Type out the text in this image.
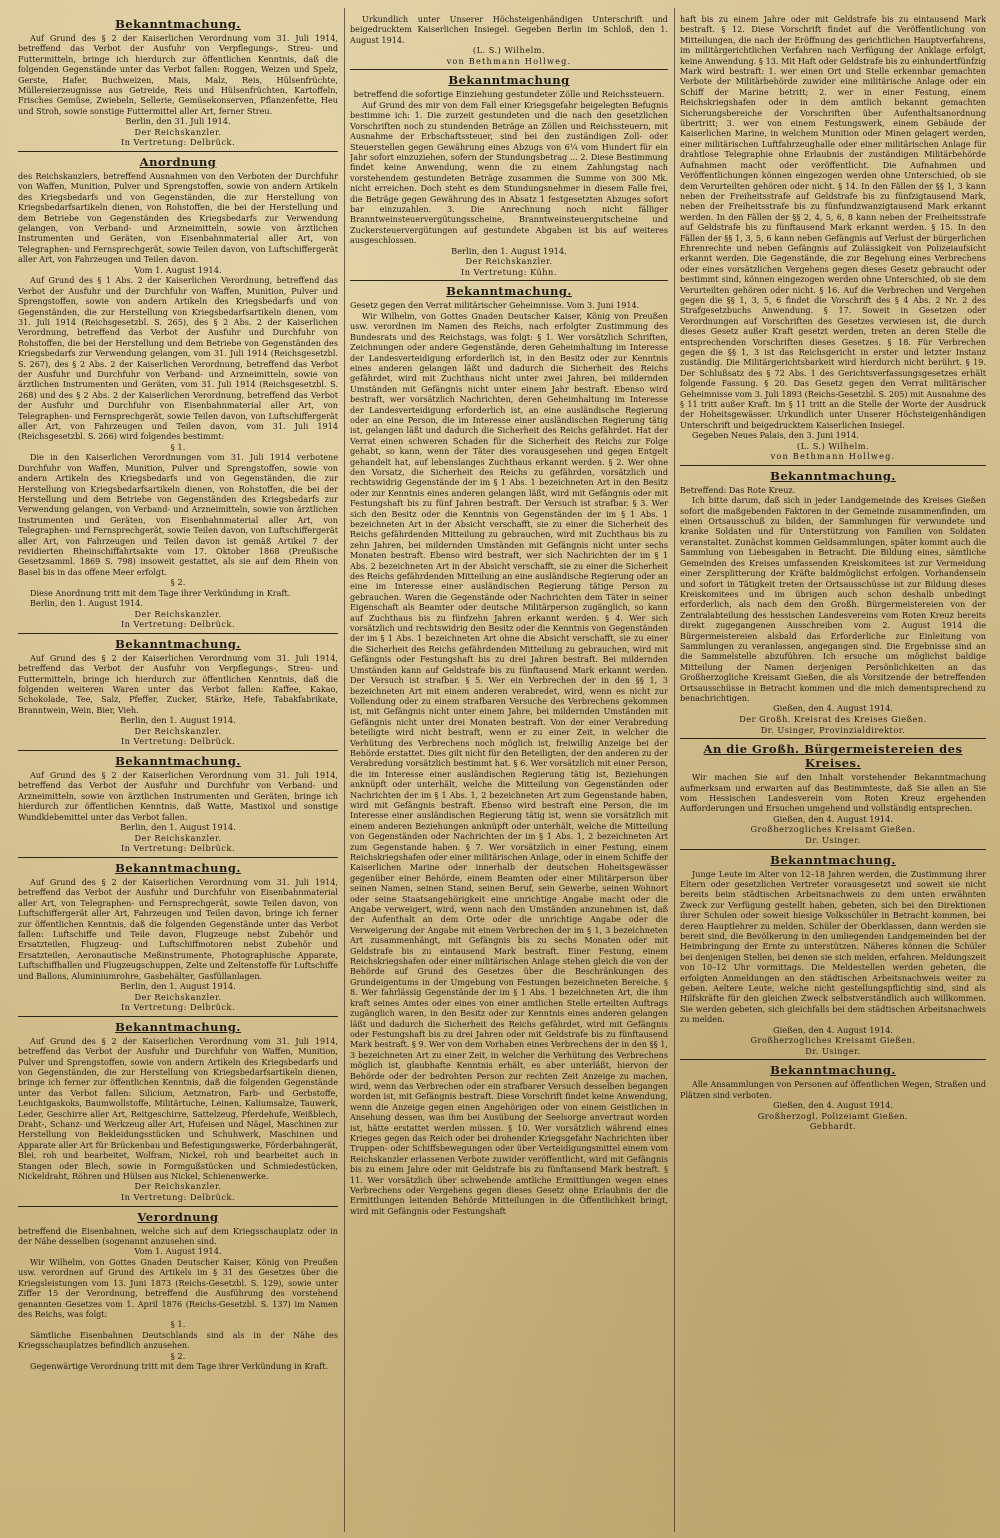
Bekanntmachung.

Auf Grund des § 2 der Kaiserlichen Verordnung vom 31. Juli 1914, betreffend das Verbot der Ausfuhr von Verpflegungs-, Streu- und Futtermitteln, bringe ich hierdurch zur öffentlichen Kenntnis, daß die folgenden Gegenstände unter das Verbot fallen: Roggen, Weizen und Spelz, Gerste, Hafer, Buchweizen, Mais, Malz, Reis, Hülsenfrüchte, Müllereierzeugnisse aus Getreide, Reis und Hülsenfrüchten, Kartoffeln, Frisches Gemüse, Zwiebeln, Sellerie, Gemüsekonserven, Pflanzenfette, Heu und Stroh, sowie sonstige Futtermittel aller Art, ferner Streu.

Berlin, den 31. Juli 1914.

Der Reichskanzler.

In Vertretung: Delbrück.

Anordnung

des Reichskanzlers, betreffend Ausnahmen von den Verboten der Durchfuhr von Waffen, Munition, Pulver und Sprengstoffen, sowie von andern Artikeln des Kriegsbedarfs und von Gegenständen, die zur Herstellung von Kriegsbedarfsartikeln dienen, von Rohstoffen, die bei der Herstellung und dem Betriebe von Gegenständen des Kriegsbedarfs zur Verwendung gelangen, von Verband- und Arzneimitteln, sowie von ärztlichen Instrumenten und Geräten, von Eisenbahnmaterial aller Art, von Telegraphen- und Fernsprechgerät, sowie Teilen davon, von Luftschiffergerät aller Art, von Fahrzeugen und Teilen davon.

Vom 1. August 1914.

Auf Grund des § 1 Abs. 2 der Kaiserlichen Verordnung, betreffend das Verbot der Ausfuhr und der Durchfuhr von Waffen, Munition, Pulver und Sprengstoffen, sowie von andern Artikeln des Kriegsbedarfs und von Gegenständen, die zur Herstellung von Kriegsbedarfsartikeln dienen, vom 31. Juli 1914 (Reichsgesetzbl. S. 265), des § 2 Abs. 2 der Kaiserlichen Verordnung, betreffend das Verbot der Ausfuhr und Durchfuhr von Rohstoffen, die bei der Herstellung und dem Betriebe von Gegenständen des Kriegsbedarfs zur Verwendung gelangen, vom 31. Juli 1914 (Reichsgesetzbl. S. 267), des § 2 Abs. 2 der Kaiserlichen Verordnung, betreffend das Verbot der Ausfuhr und Durchfuhr von Verband- und Arzneimitteln, sowie von ärztlichen Instrumenten und Geräten, vom 31. Juli 1914 (Reichsgesetzbl. S. 268) und des § 2 Abs. 2 der Kaiserlichen Verordnung, betreffend das Verbot der Ausfuhr und Durchfuhr von Eisenbahnmaterial aller Art, von Telegraphen- und Fernsprechgerät, sowie Teilen davon, von Luftschiffergerät aller Art, von Fahrzeugen und Teilen davon, vom 31. Juli 1914 (Reichsgesetzbl. S. 266) wird folgendes bestimmt:

§ 1.

Die in den Kaiserlichen Verordnungen vom 31. Juli 1914 verbotene Durchfuhr von Waffen, Munition, Pulver und Sprengstoffen, sowie von andern Artikeln des Kriegsbedarfs und von Gegenständen, die zur Herstellung von Kriegsbedarfsartikeln dienen, von Rohstoffen, die bei der Herstellung und dem Betriebe von Gegenständen des Kriegsbedarfs zur Verwendung gelangen, von Verband- und Arzneimitteln, sowie von ärztlichen Instrumenten und Geräten, von Eisenbahnmaterial aller Art, von Telegraphen- und Fernsprechgerät, sowie Teilen davon, von Luftschiffergerät aller Art, von Fahrzeugen und Teilen davon ist gemäß Artikel 7 der revidierten Rheinschiffahrtsakte vom 17. Oktober 1868 (Preußische Gesetzsamml. 1869 S. 798) insoweit gestattet, als sie auf dem Rhein von Basel bis in das offene Meer erfolgt.

§ 2.

Diese Anordnung tritt mit dem Tage ihrer Verkündung in Kraft.

Berlin, den 1. August 1914.

Der Reichskanzler.

In Vertretung: Delbrück.

Bekanntmachung.

Auf Grund des § 2 der Kaiserlichen Verordnung vom 31. Juli 1914, betreffend das Verbot der Ausfuhr von Verpflegungs-, Streu- und Futtermitteln, bringe ich hierdurch zur öffentlichen Kenntnis, daß die folgenden weiteren Waren unter das Verbot fallen: Kaffee, Kakao, Schokolade, Tee, Salz, Pfeffer, Zucker, Stärke, Hefe, Tabakfabrikate, Branntwein, Wein, Bier, Vieh.

Berlin, den 1. August 1914.

Der Reichskanzler.

In Vertretung: Delbrück.

Bekanntmachung.

Auf Grund des § 2 der Kaiserlichen Verordnung vom 31. Juli 1914, betreffend das Verbot der Ausfuhr und Durchfuhr von Verband- und Arzneimitteln, sowie von ärztlichen Instrumenten und Geräten, bringe ich hierdurch zur öffentlichen Kenntnis, daß Watte, Mastixol und sonstige Wundklebemittel unter das Verbot fallen.

Berlin, den 1. August 1914.

Der Reichskanzler.

In Vertretung: Delbrück.

Bekanntmachung.

Auf Grund des § 2 der Kaiserlichen Verordnung vom 31. Juli 1914, betreffend das Verbot der Ausfuhr und Durchfuhr von Eisenbahnmaterial aller Art, von Telegraphen- und Fernsprechgerät, sowie Teilen davon, von Luftschiffergerät aller Art, Fahrzeugen und Teilen davon, bringe ich ferner zur öffentlichen Kenntnis, daß die folgenden Gegenstände unter das Verbot fallen: Luftschiffe und Teile davon, Flugzeuge nebst Zubehör und Ersatzteilen, Flugzeug- und Luftschiffmotoren nebst Zubehör und Ersatzteilen, Aeronautische Meßinstrumente, Photographische Apparate, Luftschiffhallen und Flugzeugschuppen, Zelte und Zeltenstoffe für Luftschiffe und Ballons, Aluminiumrohre, Gasbehälter, Gasfüllanlagen.

Berlin, den 1. August 1914.

Der Reichskanzler.

In Vertretung: Delbrück.

Bekanntmachung.

Auf Grund des § 2 der Kaiserlichen Verordnung vom 31. Juli 1914, betreffend das Verbot der Ausfuhr und Durchfuhr von Waffen, Munition, Pulver und Sprengstoffen, sowie von andern Artikeln des Kriegsbedarfs und von Gegenständen, die zur Herstellung von Kriegsbedarfsartikeln dienen, bringe ich ferner zur öffentlichen Kenntnis, daß die folgenden Gegenstände unter das Verbot fallen: Silicium, Aetznatron, Farb- und Gerbstoffe, Leuchtgaskoks, Baumwollstoffe, Militärtuche, Leinen, Kaliumsalze, Tauwerk, Leder, Geschirre aller Art, Reitgeschirre, Sattelzeug, Pferdehufe, Weißblech, Draht-, Schanz- und Werkzeug aller Art, Hufeisen und Nägel, Maschinen zur Herstellung von Bekleidungsstücken und Schuhwerk, Maschinen und Apparate aller Art für Brückenbau und Befestigungswerke, Förderbahngerät, Blei, roh und bearbeitet, Wolfram, Nickel, roh und bearbeitet auch in Stangen oder Blech, sowie in Formgußstücken und Schmiedestücken, Nickeldraht, Röhren und Hülsen aus Nickel, Schienenwerke.

Der Reichskanzler.

In Vertretung: Delbrück.

Verordnung

betreffend die Eisenbahnen, welche sich auf dem Kriegsschauplatz oder in der Nähe desselben (sogenannt anzusehen sind.

Vom 1. August 1914.

Wir Wilhelm, von Gottes Gnaden Deutscher Kaiser, König von Preußen usw. verordnen auf Grund des Artikels im § 31 des Gesetzes über die Kriegsleistungen vom 13. Juni 1873 (Reichs-Gesetzbl. S. 129), sowie unter Ziffer 15 der Verordnung, betreffend die Ausführung des vorstehend genannten Gesetzes vom 1. April 1876 (Reichs-Gesetzbl. S. 137) im Namen des Reichs, was folgt:

§ 1.

Sämtliche Eisenbahnen Deutschlands sind als in der Nähe des Kriegsschauplatzes befindlich anzusehen.

§ 2.

Gegenwärtige Verordnung tritt mit dem Tage ihrer Verkündung in Kraft.

Urkundlich unter Unserer Höchsteigenhändigen Unterschrift und beigedrucktem Kaiserlichen Insiegel. Gegeben Berlin im Schloß, den 1. August 1914.

(L. S.) Wilhelm.

von Bethmann Hollweg.

Bekanntmachung

betreffend die sofortige Einziehung gestundeter Zölle und Reichssteuern.

Auf Grund des mir von dem Fall einer Kriegsgefahr beigelegten Befugnis bestimme ich: 1. Die zurzeit gestundeten und die nach den gesetzlichen Vorschriften noch zu stundenden Beträge an Zöllen und Reichssteuern, mit Ausnahme der Erbschaftssteuer, sind bei den zuständigen Zoll- oder Steuerstellen gegen Gewährung eines Abzugs von 6¼ vom Hundert für ein Jahr sofort einzuziehen, sofern der Stundungsbetrag ... 2. Diese Bestimmung findet keine Anwendung, wenn die zu einem Zahlungstag nach vorstehendem gestundeten Beträge zusammen die Summe von 300 Mk. nicht erreichen. Doch steht es dem Stundungsnehmer in diesem Falle frei, die Beträge gegen Gewährung des in Absatz 1 festgesetzten Abzuges sofort bar einzuzahlen. 3. Die Anrechnung noch nicht fälliger Branntweinsteuervergütungsscheine, Branntweinsteuergutscheine und Zuckersteuervergütungen auf gestundete Abgaben ist bis auf weiteres ausgeschlossen.

Berlin, den 1. August 1914.

Der Reichskanzler.

In Vertretung: Kühn.

Bekanntmachung.

Gesetz gegen den Verrat militärischer Geheimnisse. Vom 3. Juni 1914.

Wir Wilhelm, von Gottes Gnaden Deutscher Kaiser, König von Preußen usw. verordnen im Namen des Reichs, nach erfolgter Zustimmung des Bundesrats und des Reichstags, was folgt: § 1. Wer vorsätzlich Schriften, Zeichnungen oder andere Gegenstände, deren Geheimhaltung im Interesse der Landesverteidigung erforderlich ist, in den Besitz oder zur Kenntnis eines anderen gelangen läßt und dadurch die Sicherheit des Reichs gefährdet, wird mit Zuchthaus nicht unter zwei Jahren, bei mildernden Umständen mit Gefängnis nicht unter einem Jahr bestraft. Ebenso wird bestraft, wer vorsätzlich Nachrichten, deren Geheimhaltung im Interesse der Landesverteidigung erforderlich ist, an eine ausländische Regierung oder an eine Person, die im Interesse einer ausländischen Regierung tätig ist, gelangen läßt und dadurch die Sicherheit des Reichs gefährdet. Hat der Verrat einen schweren Schaden für die Sicherheit des Reichs zur Folge gehabt, so kann, wenn der Täter dies vorausgesehen und gegen Entgelt gehandelt hat, auf lebenslanges Zuchthaus erkannt werden. § 2. Wer ohne den Vorsatz, die Sicherheit des Reichs zu gefährden, vorsätzlich und rechtswidrig Gegenstände der im § 1 Abs. 1 bezeichneten Art in den Besitz oder zur Kenntnis eines anderen gelangen läßt, wird mit Gefängnis oder mit Festungshaft bis zu fünf Jahren bestraft. Der Versuch ist strafbar. § 3. Wer sich den Besitz oder die Kenntnis von Gegenständen der im § 1 Abs. 1 bezeichneten Art in der Absicht verschafft, sie zu einer die Sicherheit des Reichs gefährdenden Mitteilung zu gebrauchen, wird mit Zuchthaus bis zu zehn Jahren, bei mildernden Umständen mit Gefängnis nicht unter sechs Monaten bestraft. Ebenso wird bestraft, wer sich Nachrichten der im § 1 Abs. 2 bezeichneten Art in der Absicht verschafft, sie zu einer die Sicherheit des Reichs gefährdenden Mitteilung an eine ausländische Regierung oder an eine im Interesse einer ausländischen Regierung tätige Person zu gebrauchen. Waren die Gegenstände oder Nachrichten dem Täter in seiner Eigenschaft als Beamter oder deutsche Militärperson zugänglich, so kann auf Zuchthaus bis zu fünfzehn Jahren erkannt werden. § 4. Wer sich vorsätzlich und rechtswidrig den Besitz oder die Kenntnis von Gegenständen der im § 1 Abs. 1 bezeichneten Art ohne die Absicht verschafft, sie zu einer die Sicherheit des Reichs gefährdenden Mitteilung zu gebrauchen, wird mit Gefängnis oder Festungshaft bis zu drei Jahren bestraft. Bei mildernden Umständen kann auf Geldstrafe bis zu fünftausend Mark erkannt werden. Der Versuch ist strafbar. § 5. Wer ein Verbrechen der in den §§ 1, 3 bezeichneten Art mit einem anderen verabredet, wird, wenn es nicht zur Vollendung oder zu einem strafbaren Versuche des Verbrechens gekommen ist, mit Gefängnis nicht unter einem Jahre, bei mildernden Umständen mit Gefängnis nicht unter drei Monaten bestraft. Von der einer Verabredung beteiligte wird nicht bestraft, wenn er zu einer Zeit, in welcher die Verhütung des Verbrechens noch möglich ist, freiwillig Anzeige bei der Behörde erstattet. Dies gilt nicht für den Beteiligten, der den anderen zu der Verabredung vorsätzlich bestimmt hat. § 6. Wer vorsätzlich mit einer Person, die im Interesse einer ausländischen Regierung tätig ist, Beziehungen anknüpft oder unterhält, welche die Mitteilung von Gegenständen oder Nachrichten der im § 1 Abs. 1, 2 bezeichneten Art zum Gegenstande haben, wird mit Gefängnis bestraft. Ebenso wird bestraft eine Person, die im Interesse einer ausländischen Regierung tätig ist, wenn sie vorsätzlich mit einem anderen Beziehungen anknüpft oder unterhält, welche die Mitteilung von Gegenständen oder Nachrichten der im § 1 Abs. 1, 2 bezeichneten Art zum Gegenstande haben. § 7. Wer vorsätzlich in einer Festung, einem Reichskriegshafen oder einer militärischen Anlage, oder in einem Schiffe der Kaiserlichen Marine oder innerhalb der deutschen Hoheitsgewässer gegenüber einer Behörde, einem Beamten oder einer Militärperson über seinen Namen, seinen Stand, seinen Beruf, sein Gewerbe, seinen Wohnort oder seine Staatsangehörigkeit eine unrichtige Angabe macht oder die Angabe verweigert, wird, wenn nach den Umständen anzunehmen ist, daß der Aufenthalt an dem Orte oder die unrichtige Angabe oder die Verweigerung der Angabe mit einem Verbrechen der im § 1, 3 bezeichneten Art zusammenhängt, mit Gefängnis bis zu sechs Monaten oder mit Geldstrafe bis zu eintausend Mark bestraft. Einer Festung, einem Reichskriegshafen oder einer militärischen Anlage stehen gleich die von der Behörde auf Grund des Gesetzes über die Beschränkungen des Grundeigentums in der Umgebung von Festungen bezeichneten Bereiche. § 8. Wer fahrlässig Gegenstände der im § 1 Abs. 1 bezeichneten Art, die ihm kraft seines Amtes oder eines von einer amtlichen Stelle erteilten Auftrags zugänglich waren, in den Besitz oder zur Kenntnis eines anderen gelangen läßt und dadurch die Sicherheit des Reichs gefährdet, wird mit Gefängnis oder Festungshaft bis zu drei Jahren oder mit Geldstrafe bis zu fünftausend Mark bestraft. § 9. Wer von dem Vorhaben eines Verbrechens der in den §§ 1, 3 bezeichneten Art zu einer Zeit, in welcher die Verhütung des Verbrechens möglich ist, glaubhafte Kenntnis erhält, es aber unterläßt, hiervon der Behörde oder der bedrohten Person zur rechten Zeit Anzeige zu machen, wird, wenn das Verbrechen oder ein strafbarer Versuch desselben begangen worden ist, mit Gefängnis bestraft. Diese Vorschrift findet keine Anwendung, wenn die Anzeige gegen einen Angehörigen oder von einem Geistlichen in Ansehung dessen, was ihm bei Ausübung der Seelsorge anvertraut worden ist, hätte erstattet werden müssen. § 10. Wer vorsätzlich während eines Krieges gegen das Reich oder bei drohender Kriegsgefahr Nachrichten über Truppen- oder Schiffsbewegungen oder über Verteidigungsmittel einem vom Reichskanzler erlassenen Verbote zuwider veröffentlicht, wird mit Gefängnis bis zu einem Jahre oder mit Geldstrafe bis zu fünftausend Mark bestraft. § 11. Wer vorsätzlich über schwebende amtliche Ermittlungen wegen eines Verbrechens oder Vergehens gegen dieses Gesetz ohne Erlaubnis der die Ermittlungen leitenden Behörde Mitteilungen in die Öffentlichkeit bringt, wird mit Gefängnis oder Festungshaft

haft bis zu einem Jahre oder mit Geldstrafe bis zu eintausend Mark bestraft. § 12. Diese Vorschrift findet auf die Veröffentlichung von Mitteilungen, die nach der Eröffnung des gerichtlichen Hauptverfahrens, im militärgerichtlichen Verfahren nach Verfügung der Anklage erfolgt, keine Anwendung. § 13. Mit Haft oder Geldstrafe bis zu einhundertfünfzig Mark wird bestraft: 1. wer einen Ort und Stelle erkennbar gemachten Verbote der Militärbehörde zuwider eine militärische Anlage oder ein Schiff der Marine betritt; 2. wer in einer Festung, einem Reichskriegshafen oder in dem amtlich bekannt gemachten Sicherungsbereiche der Vorschriften über Aufenthaltsanordnung übertritt; 3. wer von einem Festungswerk, einem Gebäude der Kaiserlichen Marine, in welchem Munition oder Minen gelagert werden, einer militärischen Luftfahrzeughalle oder einer militärischen Anlage für drahtlose Telegraphie ohne Erlaubnis der zuständigen Militärbehörde Aufnahmen macht oder veröffentlicht. Die Aufnahmen und Veröffentlichungen können eingezogen werden ohne Unterschied, ob sie dem Verurteilten gehören oder nicht. § 14. In den Fällen der §§ 1, 3 kann neben der Freiheitsstrafe auf Geldstrafe bis zu fünfzigtausend Mark, neben der Freiheitsstrafe bis zu fünfundzwanzigtausend Mark erkannt werden. In den Fällen der §§ 2, 4, 5, 6, 8 kann neben der Freiheitsstrafe auf Geldstrafe bis zu fünftausend Mark erkannt werden. § 15. In den Fällen der §§ 1, 3, 5, 6 kann neben Gefängnis auf Verlust der bürgerlichen Ehrenrechte und neben Gefängnis auf Zulässigkeit von Polizeiaufsicht erkannt werden. Die Gegenstände, die zur Begehung eines Verbrechens oder eines vorsätzlichen Vergehens gegen dieses Gesetz gebraucht oder bestimmt sind, können eingezogen werden ohne Unterschied, ob sie dem Verurteilten gehören oder nicht. § 16. Auf die Verbrechen und Vergehen gegen die §§ 1, 3, 5, 6 findet die Vorschrift des § 4 Abs. 2 Nr. 2 des Strafgesetzbuchs Anwendung. § 17. Soweit in Gesetzen oder Verordnungen auf Vorschriften des Gesetzes verwiesen ist, die durch dieses Gesetz außer Kraft gesetzt werden, treten an deren Stelle die entsprechenden Vorschriften dieses Gesetzes. § 18. Für Verbrechen gegen die §§ 1, 3 ist das Reichsgericht in erster und letzter Instanz zuständig. Die Militärgerichtsbarkeit wird hierdurch nicht berührt. § 19. Der Schlußsatz des § 72 Abs. 1 des Gerichtsverfassungsgesetzes erhält folgende Fassung. § 20. Das Gesetz gegen den Verrat militärischer Geheimnisse vom 3. Juli 1893 (Reichs-Gesetzbl. S. 205) mit Ausnahme des § 11 tritt außer Kraft. Im § 11 tritt an die Stelle der Worte der Ausdruck der Hoheitsgewässer. Urkundlich unter Unserer Höchsteigenhändigen Unterschrift und beigedrucktem Kaiserlichen Insiegel.

Gegeben Neues Palais, den 3. Juni 1914.

(L. S.) Wilhelm.

von Bethmann Hollweg.

Bekanntmachung.

Betreffend: Das Rote Kreuz.

Ich bitte darum, daß sich in jeder Landgemeinde des Kreises Gießen sofort die maßgebenden Faktoren in der Gemeinde zusammenfinden, um einen Ortsausschuß zu bilden, der Sammlungen für verwundete und kranke Soldaten und für Unterstützung von Familien von Soldaten veranstaltet. Zunächst kommen Geldsammlungen, später kommt auch die Sammlung von Liebesgaben in Betracht. Die Bildung eines, sämtliche Gemeinden des Kreises umfassenden Kreiskomitees ist zur Vermeidung einer Zersplitterung der Kräfte baldmöglichst erfolgen. Vorhandensein und sofort in Tätigkeit treten der Ortsausschüsse ist zur Bildung dieses Kreiskomitees und im übrigen auch schon deshalb unbedingt erforderlich, als nach dem den Großh. Bürgermeistereien von der Zentralabteilung des hessischen Landesvereins vom Roten Kreuz bereits direkt zugegangenen Ausschreiben vom 2. August 1914 die Bürgermeistereien alsbald das Erforderliche zur Einleitung von Sammlungen zu veranlassen, angegangen sind. Die Ergebnisse sind an die Sammelstelle abzuführen. Ich ersuche um möglichst baldige Mitteilung der Namen derjenigen Persönlichkeiten an das Großherzogliche Kreisamt Gießen, die als Vorsitzende der betreffenden Ortsausschüsse in Betracht kommen und die mich dementsprechend zu benachrichtigen.

Gießen, den 4. August 1914.

Der Großh. Kreisrat des Kreises Gießen.

Dr. Usinger, Provinzialdirektor.

An die Großh. Bürgermeistereien des Kreises.

Wir machen Sie auf den Inhalt vorstehender Bekanntmachung aufmerksam und erwarten auf das Bestimmteste, daß Sie allen an Sie vom Hessischen Landesverein vom Roten Kreuz ergehenden Aufforderungen und Ersuchen umgehend und vollständig entsprechen.

Gießen, den 4. August 1914.

Großherzogliches Kreisamt Gießen.

Dr. Usinger.

Bekanntmachung.

Junge Leute im Alter von 12–18 Jahren werden, die Zustimmung ihrer Eltern oder gesetzlichen Vertreter vorausgesetzt und soweit sie nicht bereits beim städtischen Arbeitsnachweis zu dem unten erwähnten Zweck zur Verfügung gestellt haben, gebeten, sich bei den Direktionen ihrer Schulen oder soweit hiesige Volksschüler in Betracht kommen, bei deren Hauptlehrer zu melden. Schüler der Oberklassen, dann werden sie bereit sind, die Bevölkerung in den umliegenden Landgemeinden bei der Heimbringung der Ernte zu unterstützen. Näheres können die Schüler bei denjenigen Stellen, bei denen sie sich melden, erfahren. Meldungszeit von 10–12 Uhr vormittags. Die Meldestellen werden gebeten, die erfolgten Anmeldungen an den städtischen Arbeitsnachweis weiter zu geben. Aeltere Leute, welche nicht gestellungspflichtig sind, sind als Hilfskräfte für den gleichen Zweck selbstverständlich auch willkommen. Sie werden gebeten, sich gleichfalls bei dem städtischen Arbeitsnachweis zu melden.

Gießen, den 4. August 1914.

Großherzogliches Kreisamt Gießen.

Dr. Usinger.

Bekanntmachung.

Alle Ansammlungen von Personen auf öffentlichen Wegen, Straßen und Plätzen sind verboten.

Gießen, den 4. August 1914.

Großherzogl. Polizeiamt Gießen.

Gebhardt.
